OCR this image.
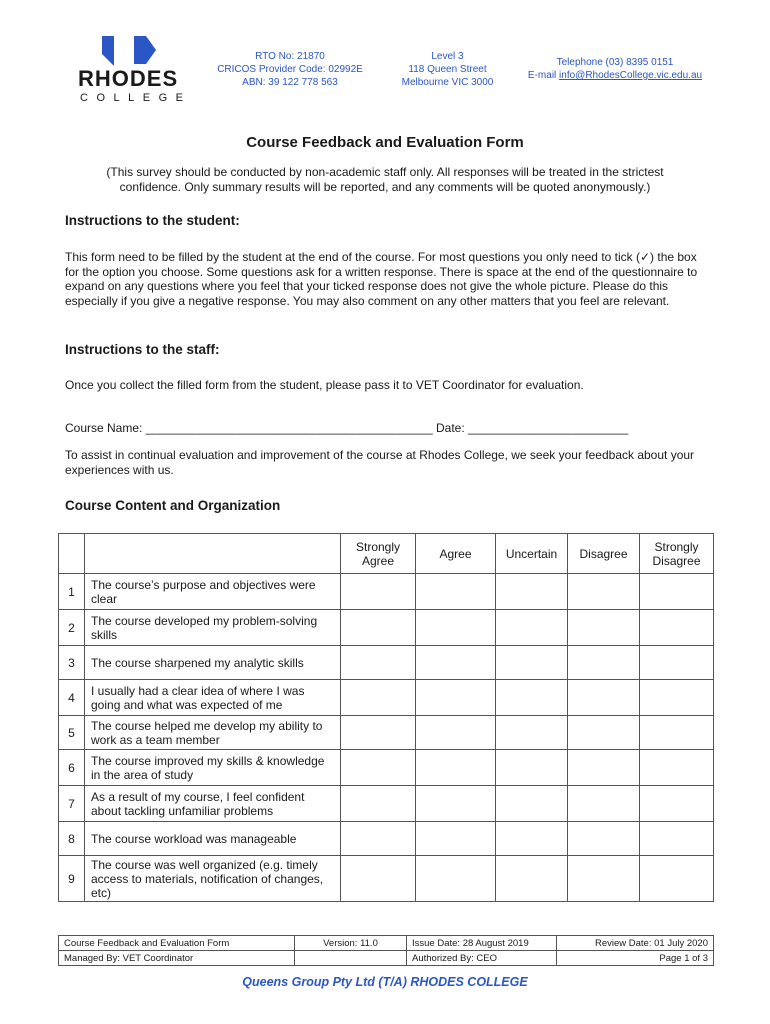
RHODES
COLLEGE
RTO No: 21870
CRICOS Provider Code: 02992E
ABN: 39 122 778 563
Level 3
118 Queen Street
Melbourne VIC 3000
Telephone (03) 8395 0151
E-mail info@RhodesCollege.vic.edu.au
Course Feedback and Evaluation Form
(This survey should be conducted by non-academic staff only. All responses will be treated in the strictest confidence. Only summary results will be reported, and any comments will be quoted anonymously.)
Instructions to the student:
This form need to be filled by the student at the end of the course. For most questions you only need to tick (✓) the box for the option you choose. Some questions ask for a written response. There is space at the end of the questionnaire to expand on any questions where you feel that your ticked response does not give the whole picture. Please do this especially if you give a negative response. You may also comment on any other matters that you feel are relevant.
Instructions to the staff:
Once you collect the filled form from the student, please pass it to VET Coordinator for evaluation.
Course Name: ___________________________________________ Date: ________________________
To assist in continual evaluation and improvement of the course at Rhodes College, we seek your feedback about your experiences with us.
Course Content and Organization
		Strongly Agree	Agree	Uncertain	Disagree	Strongly Disagree
1	The course’s purpose and objectives were clear					
2	The course developed my problem-solving skills					
3	The course sharpened my analytic skills					
4	I usually had a clear idea of where I was going and what was expected of me					
5	The course helped me develop my ability to work as a team member					
6	The course improved my skills & knowledge in the area of study					
7	As a result of my course, I feel confident about tackling unfamiliar problems					
8	The course workload was manageable					
9	The course was well organized (e.g. timely access to materials, notification of changes, etc)					
Course Feedback and Evaluation Form	Version: 11.0	Issue Date: 28 August 2019	Review Date: 01 July 2020
Managed By: VET Coordinator		Authorized By: CEO	Page 1 of 3
Queens Group Pty Ltd (T/A) RHODES COLLEGE
